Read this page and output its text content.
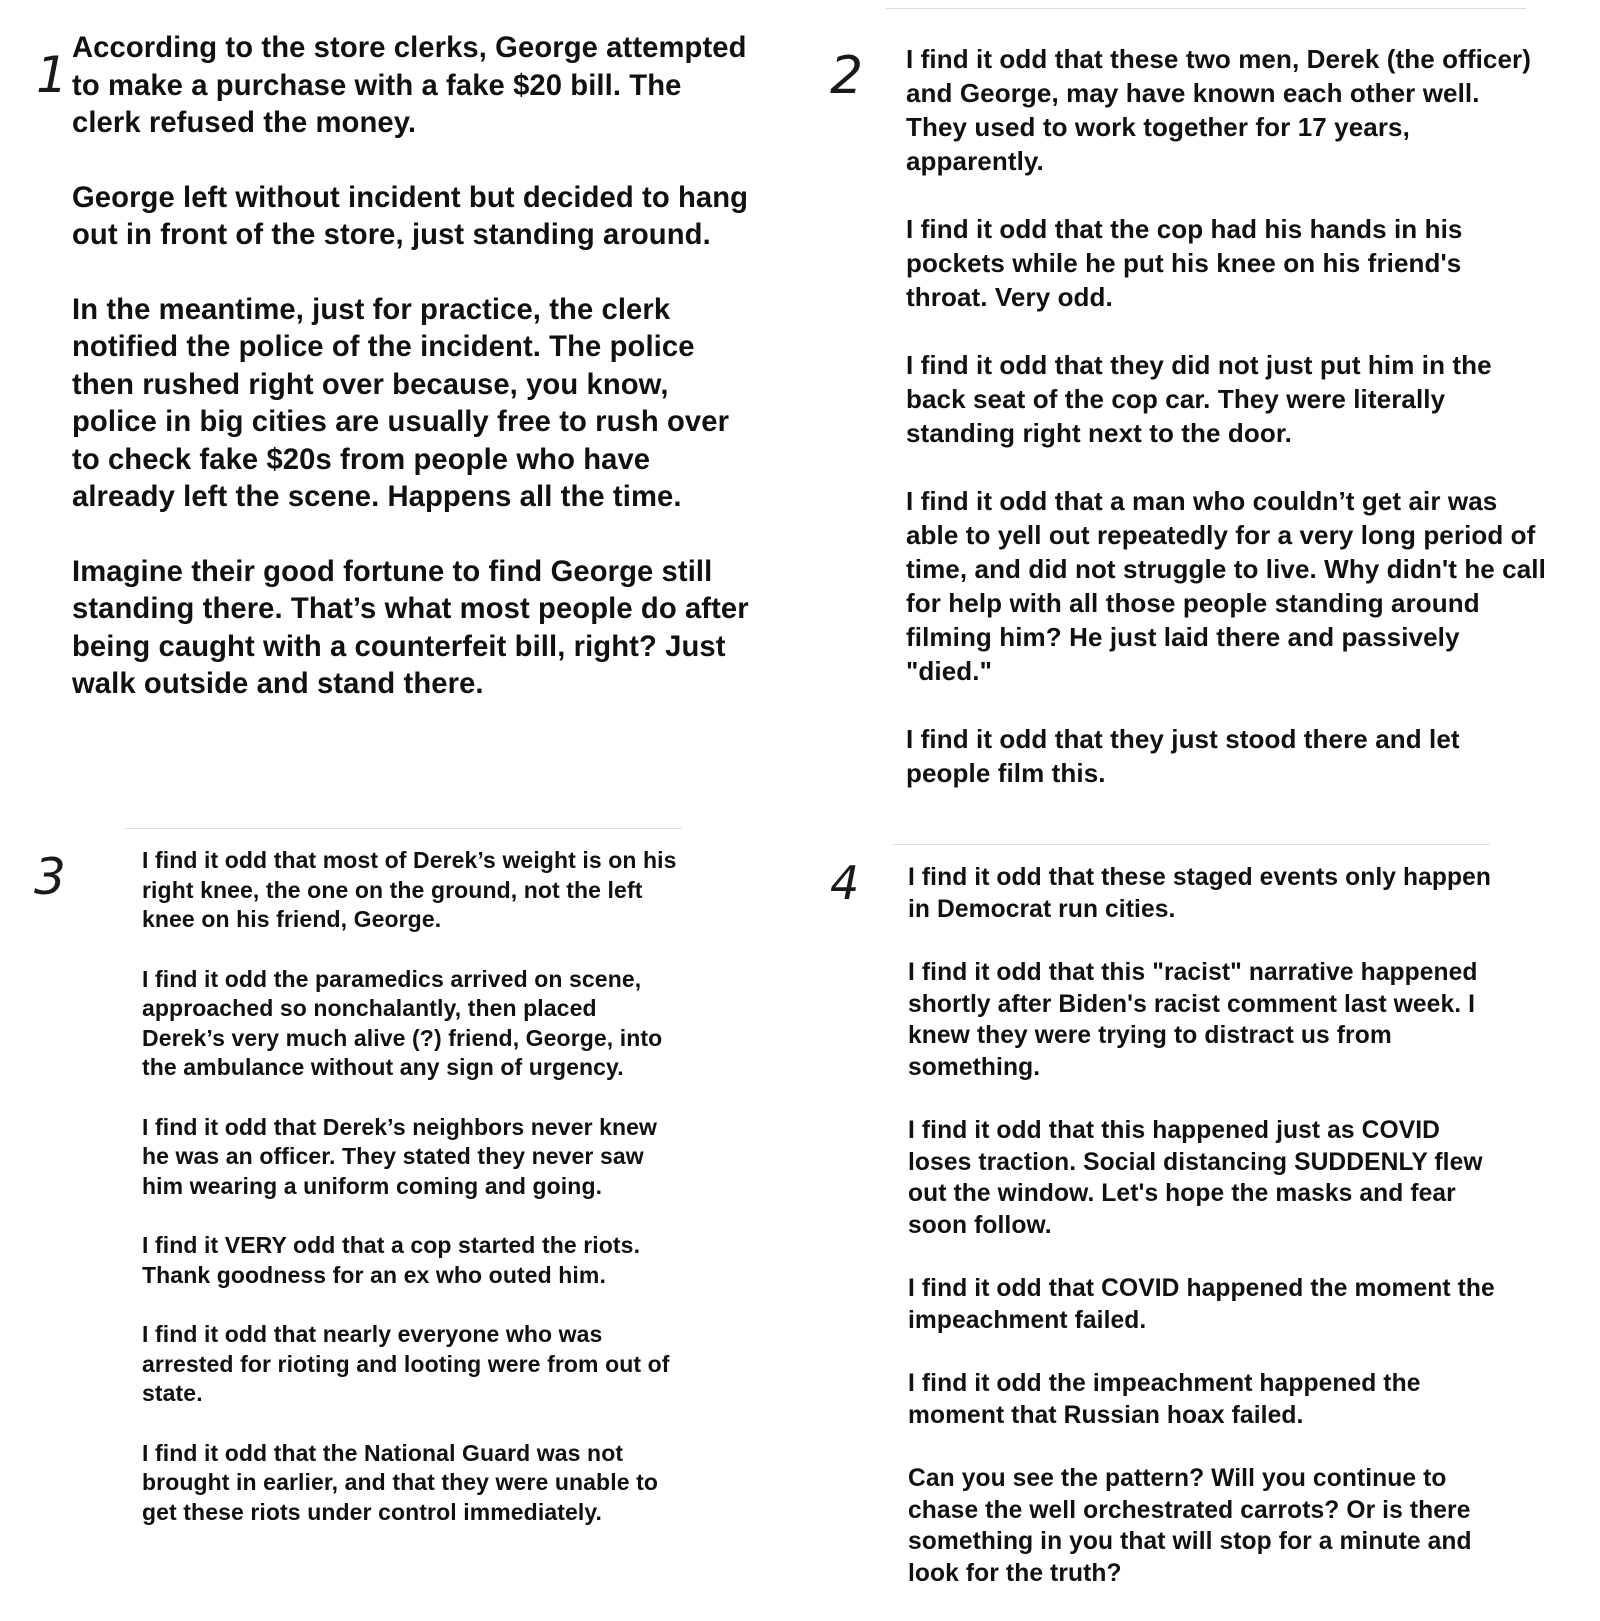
1	2
3	4

According to the store clerks, George attempted to make a purchase with a fake $20 bill. The clerk refused the money.

George left without incident but decided to hang out in front of the store, just standing around.

In the meantime, just for practice, the clerk notified the police of the incident. The police then rushed right over because, you know, police in big cities are usually free to rush over to check fake $20s from people who have already left the scene. Happens all the time.

Imagine their good fortune to find George still standing there. That’s what most people do after being caught with a counterfeit bill, right? Just walk outside and stand there.

I find it odd that these two men, Derek (the officer) and George, may have known each other well. They used to work together for 17 years, apparently.

I find it odd that the cop had his hands in his pockets while he put his knee on his friend's throat. Very odd.

I find it odd that they did not just put him in the back seat of the cop car. They were literally standing right next to the door.

I find it odd that a man who couldn’t get air was able to yell out repeatedly for a very long period of time, and did not struggle to live. Why didn't he call for help with all those people standing around filming him? He just laid there and passively "died."

I find it odd that they just stood there and let people film this.

I find it odd that most of Derek’s weight is on his right knee, the one on the ground, not the left knee on his friend, George.

I find it odd the paramedics arrived on scene, approached so nonchalantly, then placed Derek’s very much alive (?) friend, George, into the ambulance without any sign of urgency.

I find it odd that Derek’s neighbors never knew he was an officer. They stated they never saw him wearing a uniform coming and going.

I find it VERY odd that a cop started the riots. Thank goodness for an ex who outed him.

I find it odd that nearly everyone who was arrested for rioting and looting were from out of state.

I find it odd that the National Guard was not brought in earlier, and that they were unable to get these riots under control immediately.

I find it odd that these staged events only happen in Democrat run cities.

I find it odd that this "racist" narrative happened shortly after Biden's racist comment last week. I knew they were trying to distract us from something.

I find it odd that this happened just as COVID loses traction. Social distancing SUDDENLY flew out the window. Let's hope the masks and fear soon follow.

I find it odd that COVID happened the moment the impeachment failed.

I find it odd the impeachment happened the moment that Russian hoax failed.

Can you see the pattern? Will you continue to chase the well orchestrated carrots? Or is there something in you that will stop for a minute and look for the truth?
